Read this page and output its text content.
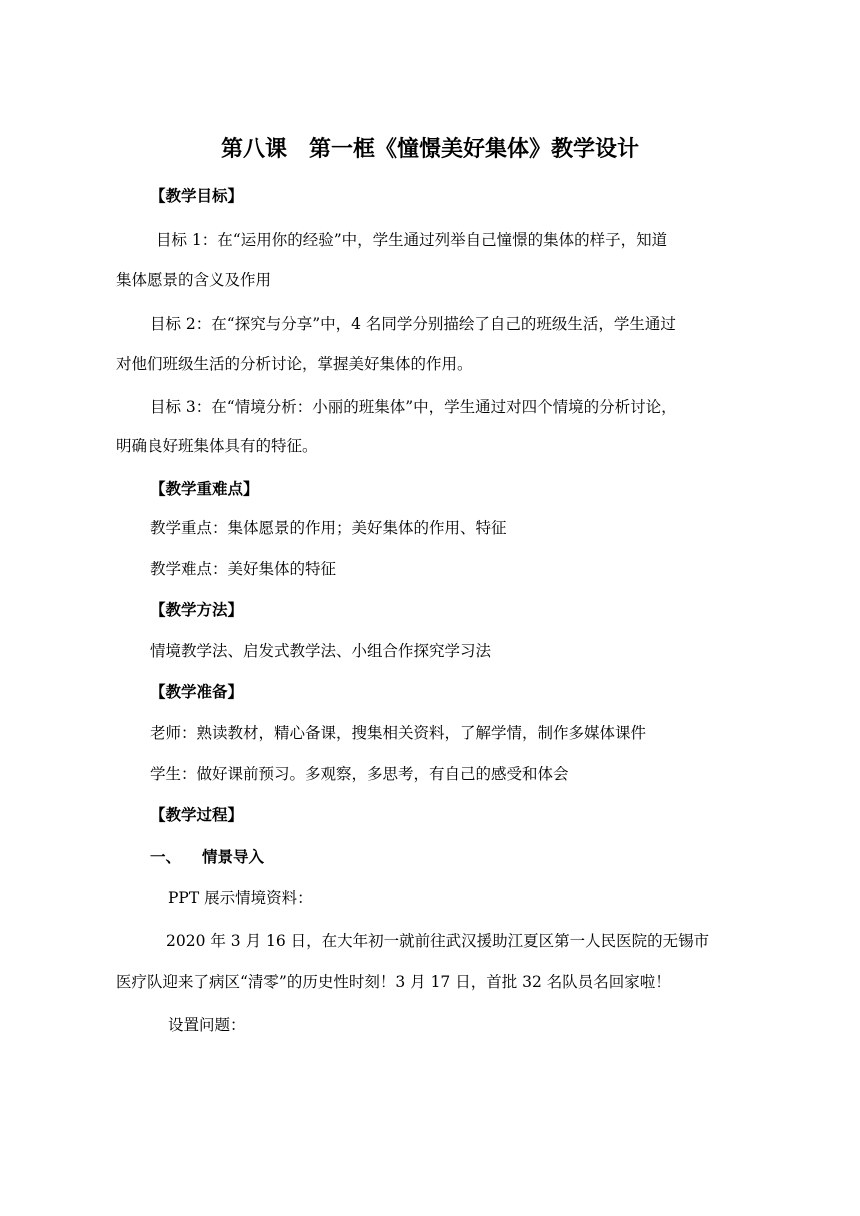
第八课　第一框《憧憬美好集体》教学设计
【教学目标】
目标 1：在“运用你的经验”中，学生通过列举自己憧憬的集体的样子，知道
集体愿景的含义及作用
目标 2：在“探究与分享”中，4 名同学分别描绘了自己的班级生活，学生通过
对他们班级生活的分析讨论，掌握美好集体的作用。
目标 3：在“情境分析：小丽的班集体”中，学生通过对四个情境的分析讨论，
明确良好班集体具有的特征。
【教学重难点】
教学重点：集体愿景的作用；美好集体的作用、特征
教学难点：美好集体的特征
【教学方法】
情境教学法、启发式教学法、小组合作探究学习法
【教学准备】
老师：熟读教材，精心备课，搜集相关资料，了解学情，制作多媒体课件
学生：做好课前预习。多观察，多思考，有自己的感受和体会
【教学过程】
一、 情景导入
PPT 展示情境资料：
2020 年 3 月 16 日，在大年初一就前往武汉援助江夏区第一人民医院的无锡市
医疗队迎来了病区“清零”的历史性时刻！3 月 17 日，首批 32 名队员名回家啦！
设置问题：
